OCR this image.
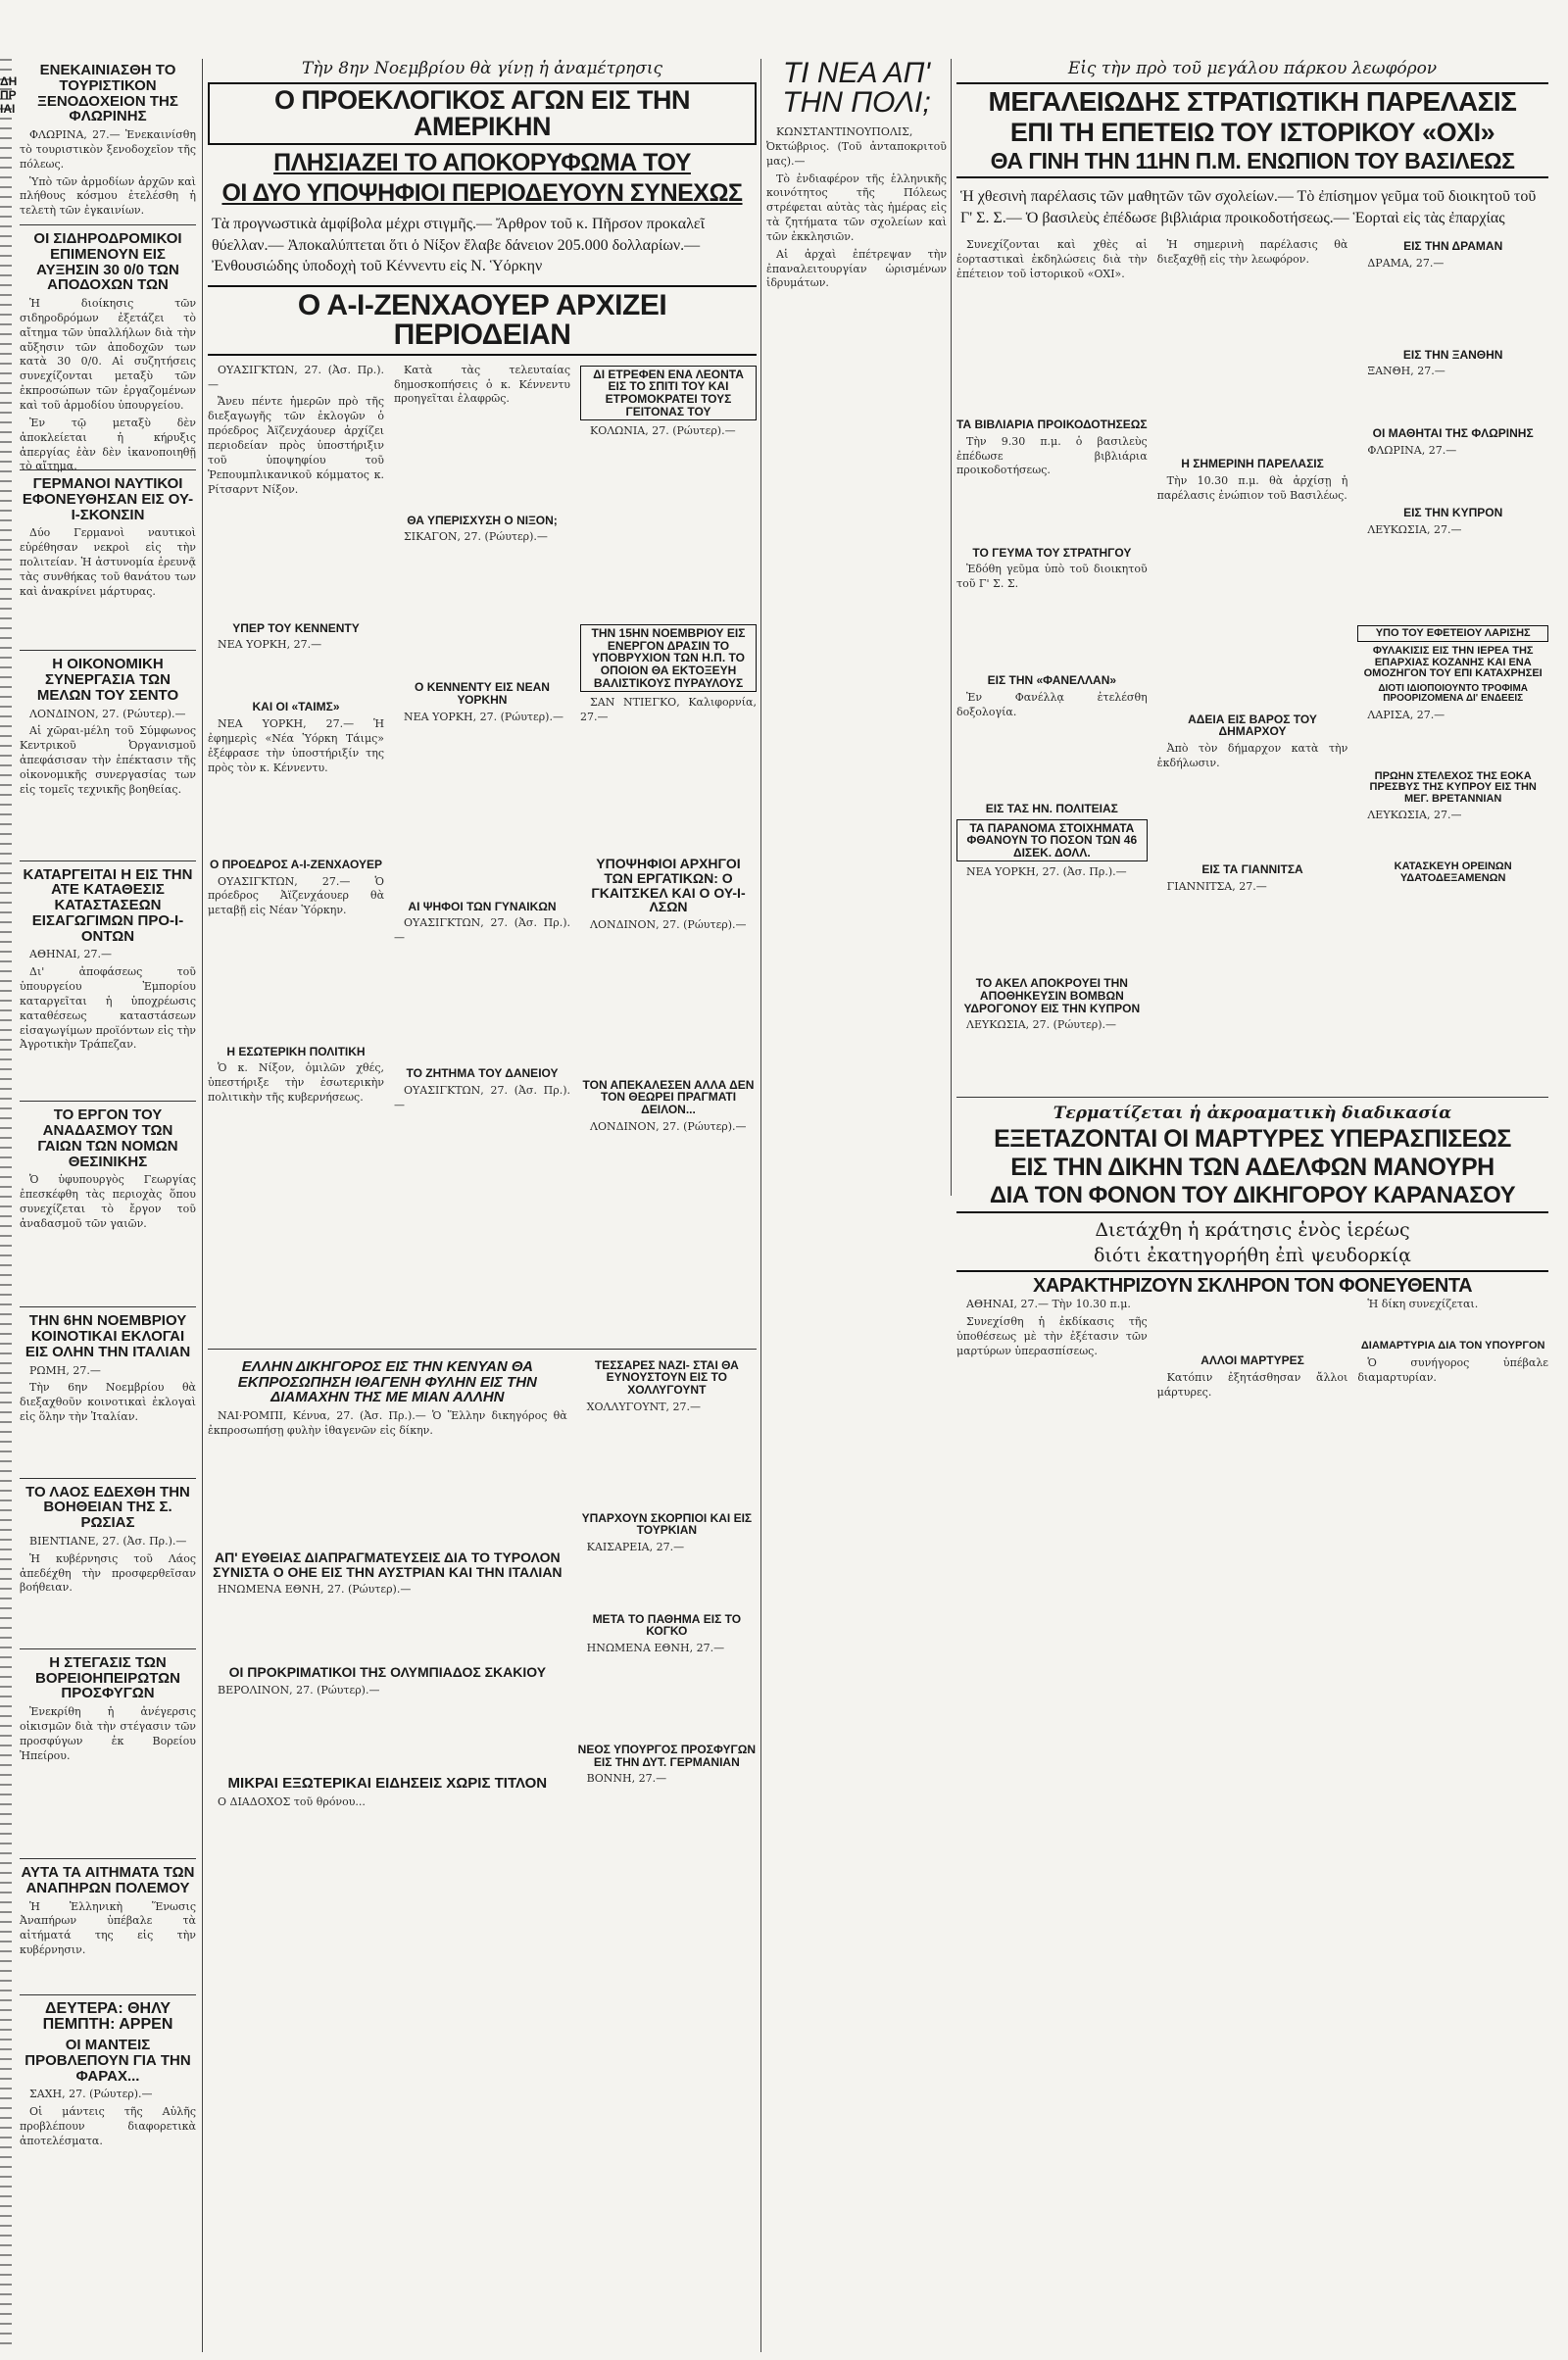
ΔΗ
ΠΡ
ΙΑΙ
ΕΝΕΚΑΙΝΙΑΣΘΗ ΤΟ ΤΟΥΡΙΣΤΙΚΟΝ ΞΕΝΟΔΟΧΕΙΟΝ ΤΗΣ ΦΛΩΡΙΝΗΣ

ΦΛΩΡΙΝΑ, 27.— Ἐνεκαινίσθη τὸ τουριστικὸν ξενοδοχεῖον τῆς πόλεως.

Ὑπὸ τῶν ἀρμοδίων ἀρχῶν καὶ πλήθους κόσμου ἐτελέσθη ἡ τελετὴ τῶν ἐγκαινίων.

ΟΙ ΣΙΔΗΡΟΔΡΟΜΙΚΟΙ ΕΠΙΜΕΝΟΥΝ ΕΙΣ ΑΥΞΗΣΙΝ 30 0/0 ΤΩΝ ΑΠΟΔΟΧΩΝ ΤΩΝ

Ἡ διοίκησις τῶν σιδηροδρόμων ἐξετάζει τὸ αἴτημα τῶν ὑπαλλήλων διὰ τὴν αὔξησιν τῶν ἀποδοχῶν των κατὰ 30 0/0. Αἱ συζητήσεις συνεχίζονται μεταξὺ τῶν ἐκπροσώπων τῶν ἐργαζομένων καὶ τοῦ ἁρμοδίου ὑπουργείου.

Ἐν τῷ μεταξὺ δὲν ἀποκλείεται ἡ κήρυξις ἀπεργίας ἐὰν δὲν ἱκανοποιηθῇ τὸ αἴτημα.

ΓΕΡΜΑΝΟΙ ΝΑΥΤΙΚΟΙ ΕΦΟΝΕΥΘΗΣΑΝ ΕΙΣ ΟΥ-Ι-ΣΚΟΝΣΙΝ

Δύο Γερμανοὶ ναυτικοὶ εὑρέθησαν νεκροὶ εἰς τὴν πολιτείαν. Ἡ ἀστυνομία ἐρευνᾷ τὰς συνθήκας τοῦ θανάτου των καὶ ἀνακρίνει μάρτυρας.

Η ΟΙΚΟΝΟΜΙΚΗ ΣΥΝΕΡΓΑΣΙΑ ΤΩΝ ΜΕΛΩΝ ΤΟΥ ΣΕΝΤΟ

ΛΟΝΔΙΝΟΝ, 27. (Ρώυτερ).—

Αἱ χῶραι-μέλη τοῦ Σύμφωνος Κεντρικοῦ Ὀργανισμοῦ ἀπεφάσισαν τὴν ἐπέκτασιν τῆς οἰκονομικῆς συνεργασίας των εἰς τομεῖς τεχνικῆς βοηθείας.

ΚΑΤΑΡΓΕΙΤΑΙ Η ΕΙΣ ΤΗΝ ΑΤΕ ΚΑΤΑΘΕΣΙΣ ΚΑΤΑΣΤΑΣΕΩΝ ΕΙΣΑΓΩΓΙΜΩΝ ΠΡΟ-Ι-ΟΝΤΩΝ

ΑΘΗΝΑΙ, 27.—

Δι' ἀποφάσεως τοῦ ὑπουργείου Ἐμπορίου καταργεῖται ἡ ὑποχρέωσις καταθέσεως καταστάσεων εἰσαγωγίμων προϊόντων εἰς τὴν Ἀγροτικὴν Τράπεζαν.

ΤΟ ΕΡΓΟΝ ΤΟΥ ΑΝΑΔΑΣΜΟΥ ΤΩΝ ΓΑΙΩΝ ΤΩΝ ΝΟΜΩΝ ΘΕΣΙΝΙΚΗΣ

Ὁ ὑφυπουργὸς Γεωργίας ἐπεσκέφθη τὰς περιοχὰς ὅπου συνεχίζεται τὸ ἔργον τοῦ ἀναδασμοῦ τῶν γαιῶν.

ΤΗΝ 6ΗΝ ΝΟΕΜΒΡΙΟΥ ΚΟΙΝΟΤΙΚΑΙ ΕΚΛΟΓΑΙ ΕΙΣ ΟΛΗΝ ΤΗΝ ΙΤΑΛΙΑΝ

ΡΩΜΗ, 27.—

Τὴν 6ην Νοεμβρίου θὰ διεξαχθοῦν κοινοτικαὶ ἐκλογαὶ εἰς ὅλην τὴν Ἰταλίαν.

ΤΟ ΛΑΟΣ ΕΔΕΧΘΗ ΤΗΝ ΒΟΗΘΕΙΑΝ ΤΗΣ Σ. ΡΩΣΙΑΣ

ΒΙΕΝΤΙΑΝΕ, 27. (Ἀσ. Πρ.).—

Ἡ κυβέρνησις τοῦ Λάος ἀπεδέχθη τὴν προσφερθεῖσαν βοήθειαν.

Η ΣΤΕΓΑΣΙΣ ΤΩΝ ΒΟΡΕΙΟΗΠΕΙΡΩΤΩΝ ΠΡΟΣΦΥΓΩΝ

Ἐνεκρίθη ἡ ἀνέγερσις οἰκισμῶν διὰ τὴν στέγασιν τῶν προσφύγων ἐκ Βορείου Ἠπείρου.

ΑΥΤΑ ΤΑ ΑΙΤΗΜΑΤΑ ΤΩΝ ΑΝΑΠΗΡΩΝ ΠΟΛΕΜΟΥ

Ἡ Ἑλληνικὴ Ἕνωσις Ἀναπήρων ὑπέβαλε τὰ αἰτήματά της εἰς τὴν κυβέρνησιν.

ΔΕΥΤΕΡΑ: ΘΗΛΥ ΠΕΜΠΤΗ: ΑΡΡΕΝ
ΟΙ ΜΑΝΤΕΙΣ ΠΡΟΒΛΕΠΟΥΝ ΓΙΑ ΤΗΝ ΦΑΡΑΧ...

ΣΑΧΗ, 27. (Ρώυτερ).—

Οἱ μάντεις τῆς Αὐλῆς προβλέπουν διαφορετικὰ ἀποτελέσματα.

Τὴν 8ην Νοεμβρίου θὰ γίνῃ ἡ ἀναμέτρησις
Ο ΠΡΟΕΚΛΟΓΙΚΟΣ ΑΓΩΝ ΕΙΣ ΤΗΝ ΑΜΕΡΙΚΗΝ
ΠΛΗΣΙΑΖΕΙ ΤΟ ΑΠΟΚΟΡΥΦΩΜΑ ΤΟΥ
ΟΙ ΔΥΟ ΥΠΟΨΗΦΙΟΙ ΠΕΡΙΟΔΕΥΟΥΝ ΣΥΝΕΧΩΣ
Τὰ προγνωστικὰ ἀμφίβολα μέχρι στιγμῆς.— Ἄρθρον τοῦ κ. Πῆρσον προκαλεῖ θύελλαν.— Ἀποκαλύπτεται ὅτι ὁ Νίξον ἔλαβε δάνειον 205.000 δολλαρίων.— Ἐνθουσιώδης ὑποδοχὴ τοῦ Κέννεντυ εἰς Ν. Ὑόρκην
Ο Α-Ι-ΖΕΝΧΑΟΥΕΡ ΑΡΧΙΖΕΙ ΠΕΡΙΟΔΕΙΑΝ

ΟΥΑΣΙΓΚΤΩΝ, 27. (Ἀσ. Πρ.).—

Ἄνευ πέντε ἡμερῶν πρὸ τῆς διεξαγωγῆς τῶν ἐκλογῶν ὁ πρόεδρος Ἀϊζενχάουερ ἀρχίζει περιοδείαν πρὸς ὑποστήριξιν τοῦ ὑποψηφίου τοῦ Ῥεπουμπλικανικοῦ κόμματος κ. Ρίτσαρντ Νίξον.

ΥΠΕΡ ΤΟΥ ΚΕΝΝΕΝΤΥ

ΝΕΑ ΥΟΡΚΗ, 27.—

ΚΑΙ ΟΙ «ΤΑΙΜΣ»

ΝΕΑ ΥΟΡΚΗ, 27.— Ἡ ἐφημερὶς «Νέα Ὑόρκη Τάιμς» ἐξέφρασε τὴν ὑποστήριξίν της πρὸς τὸν κ. Κέννεντυ.

Ο ΠΡΟΕΔΡΟΣ Α-Ι-ΖΕΝΧΑΟΥΕΡ

ΟΥΑΣΙΓΚΤΩΝ, 27.— Ὁ πρόεδρος Ἀϊζενχάουερ θὰ μεταβῇ εἰς Νέαν Ὑόρκην.

Η ΕΣΩΤΕΡΙΚΗ ΠΟΛΙΤΙΚΗ

Ὁ κ. Νίξον, ὁμιλῶν χθές, ὑπεστήριξε τὴν ἐσωτερικὴν πολιτικὴν τῆς κυβερνήσεως.

Κατὰ τὰς τελευταίας δημοσκοπήσεις ὁ κ. Κέννεντυ προηγεῖται ἐλαφρῶς.

ΘΑ ΥΠΕΡΙΣΧΥΣΗ Ο ΝΙΞΟΝ;

ΣΙΚΑΓΟΝ, 27. (Ρώυτερ).—

Ο ΚΕΝΝΕΝΤΥ ΕΙΣ ΝΕΑΝ ΥΟΡΚΗΝ

ΝΕΑ ΥΟΡΚΗ, 27. (Ρώυτερ).—

ΑΙ ΨΗΦΟΙ ΤΩΝ ΓΥΝΑΙΚΩΝ

ΟΥΑΣΙΓΚΤΩΝ, 27. (Ἀσ. Πρ.).—

ΤΟ ΖΗΤΗΜΑ ΤΟΥ ΔΑΝΕΙΟΥ

ΟΥΑΣΙΓΚΤΩΝ, 27. (Ἀσ. Πρ.).—

ΔΙ ΕΤΡΕΦΕΝ ΕΝΑ ΛΕΟΝΤΑ ΕΙΣ ΤΟ ΣΠΙΤΙ ΤΟΥ ΚΑΙ ΕΤΡΟΜΟΚΡΑΤΕΙ ΤΟΥΣ ΓΕΙΤΟΝΑΣ ΤΟΥ

ΚΟΛΩΝΙΑ, 27. (Ρώυτερ).—

ΤΗΝ 15ΗΝ ΝΟΕΜΒΡΙΟΥ ΕΙΣ ΕΝΕΡΓΟΝ ΔΡΑΣΙΝ ΤΟ ΥΠΟΒΡΥΧΙΟΝ ΤΩΝ Η.Π. ΤΟ ΟΠΟΙΟΝ ΘΑ ΕΚΤΟΞΕΥΗ ΒΑΛΙΣΤΙΚΟΥΣ ΠΥΡΑΥΛΟΥΣ

ΣΑΝ ΝΤΙΕΓΚΟ, Καλιφορνία, 27.—

ΥΠΟΨΗΦΙΟΙ ΑΡΧΗΓΟΙ ΤΩΝ ΕΡΓΑΤΙΚΩΝ: Ο ΓΚΑΙΤΣΚΕΛ ΚΑΙ Ο ΟΥ-Ι-ΛΣΩΝ

ΛΟΝΔΙΝΟΝ, 27. (Ρώυτερ).—

ΤΟΝ ΑΠΕΚΑΛΕΣΕΝ ΑΛΛΑ ΔΕΝ ΤΟΝ ΘΕΩΡΕΙ ΠΡΑΓΜΑΤΙ ΔΕΙΛΟΝ...

ΛΟΝΔΙΝΟΝ, 27. (Ρώυτερ).—

ΕΛΛΗΝ ΔΙΚΗΓΟΡΟΣ ΕΙΣ ΤΗΝ ΚΕΝΥΑΝ ΘΑ ΕΚΠΡΟΣΩΠΗΣΗ ΙΘΑΓΕΝΗ ΦΥΛΗΝ ΕΙΣ ΤΗΝ ΔΙΑΜΑΧΗΝ ΤΗΣ ΜΕ ΜΙΑΝ ΑΛΛΗΝ

ΝΑΙ·ΡΟΜΠΙ, Κένυα, 27. (Ἀσ. Πρ.).— Ὁ Ἕλλην δικηγόρος θὰ ἐκπροσωπήσῃ φυλὴν ἰθαγενῶν εἰς δίκην.

ΑΠ' ΕΥΘΕΙΑΣ ΔΙΑΠΡΑΓΜΑΤΕΥΣΕΙΣ ΔΙΑ ΤΟ ΤΥΡΟΛΟΝ ΣΥΝΙΣΤΑ Ο ΟΗΕ ΕΙΣ ΤΗΝ ΑΥΣΤΡΙΑΝ ΚΑΙ ΤΗΝ ΙΤΑΛΙΑΝ

ΗΝΩΜΕΝΑ ΕΘΝΗ, 27. (Ρώυτερ).—

ΟΙ ΠΡΟΚΡΙΜΑΤΙΚΟΙ ΤΗΣ ΟΛΥΜΠΙΑΔΟΣ ΣΚΑΚΙΟΥ

ΒΕΡΟΛΙΝΟΝ, 27. (Ρώυτερ).—

ΜΙΚΡΑΙ ΕΞΩΤΕΡΙΚΑΙ ΕΙΔΗΣΕΙΣ ΧΩΡΙΣ ΤΙΤΛΟΝ

Ο ΔΙΑΔΟΧΟΣ τοῦ θρόνου...

ΤΕΣΣΑΡΕΣ ΝΑΖΙ- ΣΤΑΙ ΘΑ ΕΥΝΟΥΣΤΟΥΝ ΕΙΣ ΤΟ ΧΟΛΛΥΓΟΥΝΤ

ΧΟΛΛΥΓΟΥΝΤ, 27.—

ΥΠΑΡΧΟΥΝ ΣΚΟΡΠΙΟΙ ΚΑΙ ΕΙΣ ΤΟΥΡΚΙΑΝ

ΚΑΙΣΑΡΕΙΑ, 27.—

ΜΕΤΑ ΤΟ ΠΑΘΗΜΑ ΕΙΣ ΤΟ ΚΟΓΚΟ

ΗΝΩΜΕΝΑ ΕΘΝΗ, 27.—

ΝΕΟΣ ΥΠΟΥΡΓΟΣ ΠΡΟΣΦΥΓΩΝ ΕΙΣ ΤΗΝ ΔΥΤ. ΓΕΡΜΑΝΙΑΝ

ΒΟΝΝΗ, 27.—

ΤΙ ΝΕΑ ΑΠ' ΤΗΝ ΠΟΛΙ;

ΚΩΝΣΤΑΝΤΙΝΟΥΠΟΛΙΣ, Ὀκτώβριος. (Τοῦ ἀνταποκριτοῦ μας).—

Τὸ ἐνδιαφέρον τῆς ἑλληνικῆς κοινότητος τῆς Πόλεως στρέφεται αὐτὰς τὰς ἡμέρας εἰς τὰ ζητήματα τῶν σχολείων καὶ τῶν ἐκκλησιῶν.

Αἱ ἀρχαὶ ἐπέτρεψαν τὴν ἐπαναλειτουργίαν ὡρισμένων ἱδρυμάτων.

Εἰς τὴν πρὸ τοῦ μεγάλου πάρκου λεωφόρον
ΜΕΓΑΛΕΙΩΔΗΣ ΣΤΡΑΤΙΩΤΙΚΗ ΠΑΡΕΛΑΣΙΣ
ΕΠΙ ΤΗ ΕΠΕΤΕΙΩ ΤΟΥ ΙΣΤΟΡΙΚΟΥ «ΟΧΙ»
ΘΑ ΓΙΝΗ ΤΗΝ 11ΗΝ Π.Μ. ΕΝΩΠΙΟΝ ΤΟΥ ΒΑΣΙΛΕΩΣ
Ἡ χθεσινὴ παρέλασις τῶν μαθητῶν τῶν σχολείων.— Τὸ ἐπίσημον γεῦμα τοῦ διοικητοῦ τοῦ Γ' Σ. Σ.— Ὁ βασιλεὺς ἐπέδωσε βιβλιάρια προικοδοτήσεως.— Ἑορταὶ εἰς τὰς ἐπαρχίας

Συνεχίζονται καὶ χθὲς αἱ ἑορταστικαὶ ἐκδηλώσεις διὰ τὴν ἐπέτειον τοῦ ἱστορικοῦ «ΟΧΙ».

ΤΑ ΒΙΒΛΙΑΡΙΑ ΠΡΟΙΚΟΔΟΤΗΣΕΩΣ

Τὴν 9.30 π.μ. ὁ βασιλεὺς ἐπέδωσε βιβλιάρια προικοδοτήσεως.

ΤΟ ΓΕΥΜΑ ΤΟΥ ΣΤΡΑΤΗΓΟΥ

Ἐδόθη γεῦμα ὑπὸ τοῦ διοικητοῦ τοῦ Γ' Σ. Σ.

ΕΙΣ ΤΗΝ «ΦΑΝΕΛΛΑΝ»

Ἐν Φανέλλᾳ ἐτελέσθη δοξολογία.

ΕΙΣ ΤΑΣ ΗΝ. ΠΟΛΙΤΕΙΑΣ
ΤΑ ΠΑΡΑΝΟΜΑ ΣΤΟΙΧΗΜΑΤΑ ΦΘΑΝΟΥΝ ΤΟ ΠΟΣΟΝ ΤΩΝ 46 ΔΙΣΕΚ. ΔΟΛΛ.

ΝΕΑ ΥΟΡΚΗ, 27. (Ἀσ. Πρ.).—

ΤΟ ΑΚΕΛ ΑΠΟΚΡΟΥΕΙ ΤΗΝ ΑΠΟΘΗΚΕΥΣΙΝ ΒΟΜΒΩΝ ΥΔΡΟΓΟΝΟΥ ΕΙΣ ΤΗΝ ΚΥΠΡΟΝ

ΛΕΥΚΩΣΙΑ, 27. (Ρώυτερ).—

Ἡ σημερινὴ παρέλασις θὰ διεξαχθῇ εἰς τὴν λεωφόρον.

Η ΣΗΜΕΡΙΝΗ ΠΑΡΕΛΑΣΙΣ

Τὴν 10.30 π.μ. θὰ ἀρχίσῃ ἡ παρέλασις ἐνώπιον τοῦ Βασιλέως.

ΑΔΕΙΑ ΕΙΣ ΒΑΡΟΣ ΤΟΥ ΔΗΜΑΡΧΟΥ

Ἀπὸ τὸν δήμαρχον κατὰ τὴν ἐκδήλωσιν.

ΕΙΣ ΤΑ ΓΙΑΝΝΙΤΣΑ

ΓΙΑΝΝΙΤΣΑ, 27.—

ΕΙΣ ΤΗΝ ΔΡΑΜΑΝ

ΔΡΑΜΑ, 27.—

ΕΙΣ ΤΗΝ ΞΑΝΘΗΝ

ΞΑΝΘΗ, 27.—

ΟΙ ΜΑΘΗΤΑΙ ΤΗΣ ΦΛΩΡΙΝΗΣ

ΦΛΩΡΙΝΑ, 27.—

ΕΙΣ ΤΗΝ ΚΥΠΡΟΝ

ΛΕΥΚΩΣΙΑ, 27.—

ΥΠΟ ΤΟΥ ΕΦΕΤΕΙΟΥ ΛΑΡΙΣΗΣ
ΦΥΛΑΚΙΣΙΣ ΕΙΣ ΤΗΝ ΙΕΡΕΑ ΤΗΣ ΕΠΑΡΧΙΑΣ ΚΟΖΑΝΗΣ ΚΑΙ ΕΝΑ ΟΜΟΖΗΓΟΝ ΤΟΥ ΕΠΙ ΚΑΤΑΧΡΗΣΕΙ
ΔΙΟΤΙ ΙΔΙΟΠΟΙΟΥΝΤΟ ΤΡΟΦΙΜΑ ΠΡΟΟΡΙΖΟΜΕΝΑ ΔΙ' ΕΝΔΕΕΙΣ

ΛΑΡΙΣΑ, 27.—

ΠΡΩΗΝ ΣΤΕΛΕΧΟΣ ΤΗΣ ΕΟΚΑ ΠΡΕΣΒΥΣ ΤΗΣ ΚΥΠΡΟΥ ΕΙΣ ΤΗΝ ΜΕΓ. ΒΡΕΤΑΝΝΙΑΝ

ΛΕΥΚΩΣΙΑ, 27.—

ΚΑΤΑΣΚΕΥΗ ΟΡΕΙΝΩΝ ΥΔΑΤΟΔΕΞΑΜΕΝΩΝ
Τερματίζεται ἡ ἀκροαματικὴ διαδικασία
ΕΞΕΤΑΖΟΝΤΑΙ ΟΙ ΜΑΡΤΥΡΕΣ ΥΠΕΡΑΣΠΙΣΕΩΣ
ΕΙΣ ΤΗΝ ΔΙΚΗΝ ΤΩΝ ΑΔΕΛΦΩΝ ΜΑΝΟΥΡΗ
ΔΙΑ ΤΟΝ ΦΟΝΟΝ ΤΟΥ ΔΙΚΗΓΟΡΟΥ ΚΑΡΑΝΑΣΟΥ
Διετάχθη ἡ κράτησις ἑνὸς ἱερέως
διότι ἐκατηγορήθη ἐπὶ ψευδορκίᾳ
ΧΑΡΑΚΤΗΡΙΖΟΥΝ ΣΚΛΗΡΟΝ ΤΟΝ ΦΟΝΕΥΘΕΝΤΑ

ΑΘΗΝΑΙ, 27.— Τὴν 10.30 π.μ.

Συνεχίσθη ἡ ἐκδίκασις τῆς ὑποθέσεως μὲ τὴν ἐξέτασιν τῶν μαρτύρων ὑπερασπίσεως.

ΑΛΛΟΙ ΜΑΡΤΥΡΕΣ

Κατόπιν ἐξητάσθησαν ἄλλοι μάρτυρες.

Ἡ δίκη συνεχίζεται.

ΔΙΑΜΑΡΤΥΡΙΑ ΔΙΑ ΤΟΝ ΥΠΟΥΡΓΟΝ

Ὁ συνήγορος ὑπέβαλε διαμαρτυρίαν.
